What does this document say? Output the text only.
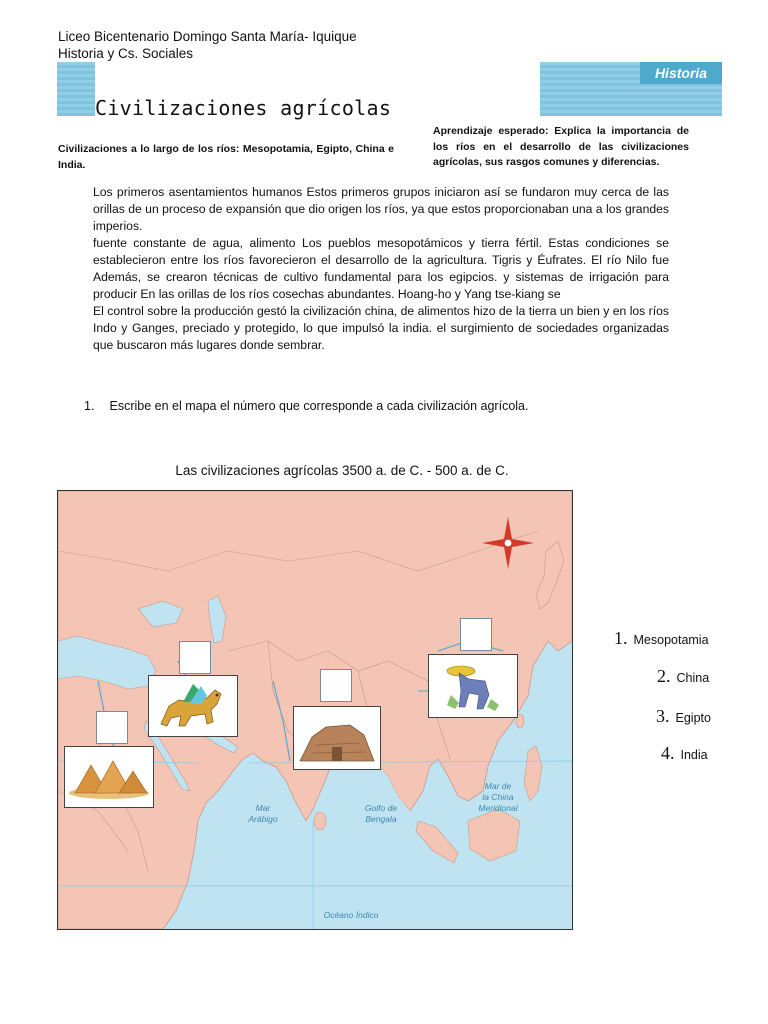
Liceo Bicentenario Domingo Santa María- Iquique
Historia y Cs. Sociales
Historia
Civilizaciones agrícolas
Civilizaciones a lo largo de los ríos: Mesopotamia, Egipto, China e India.
Aprendizaje esperado: Explica la importancia de los ríos en el desarrollo de las civilizaciones agrícolas, sus rasgos comunes y diferencias.

Los primeros asentamientos humanos Estos primeros grupos iniciaron así se fundaron muy cerca de las orillas de un proceso de expansión que dio origen los ríos, ya que estos proporcionaban una a los grandes imperios.

fuente constante de agua, alimento Los pueblos mesopotámicos y tierra fértil. Estas condiciones se establecieron entre los ríos favorecieron el desarrollo de la agricultura. Tigris y Éufrates. El río Nilo fue Además, se crearon técnicas de cultivo fundamental para los egipcios. y sistemas de irrigación para producir En las orillas de los ríos cosechas abundantes. Hoang-ho y Yang tse-kiang se

El control sobre la producción gestó la civilización china, de alimentos hizo de la tierra un bien y en los ríos Indo y Ganges, preciado y protegido, lo que impulsó la india. el surgimiento de sociedades organizadas que buscaron más lugares donde sembrar.

1. Escribe en el mapa el número que corresponde a cada civilización agrícola.
Las civilizaciones agrícolas 3500 a. de C. - 500 a. de C.
Mar
Arábigo
Golfo de
Bengala
Mar de
la China
Meridional
Océano Índico
1. Mesopotamia
2. China
3. Egipto
4. India
